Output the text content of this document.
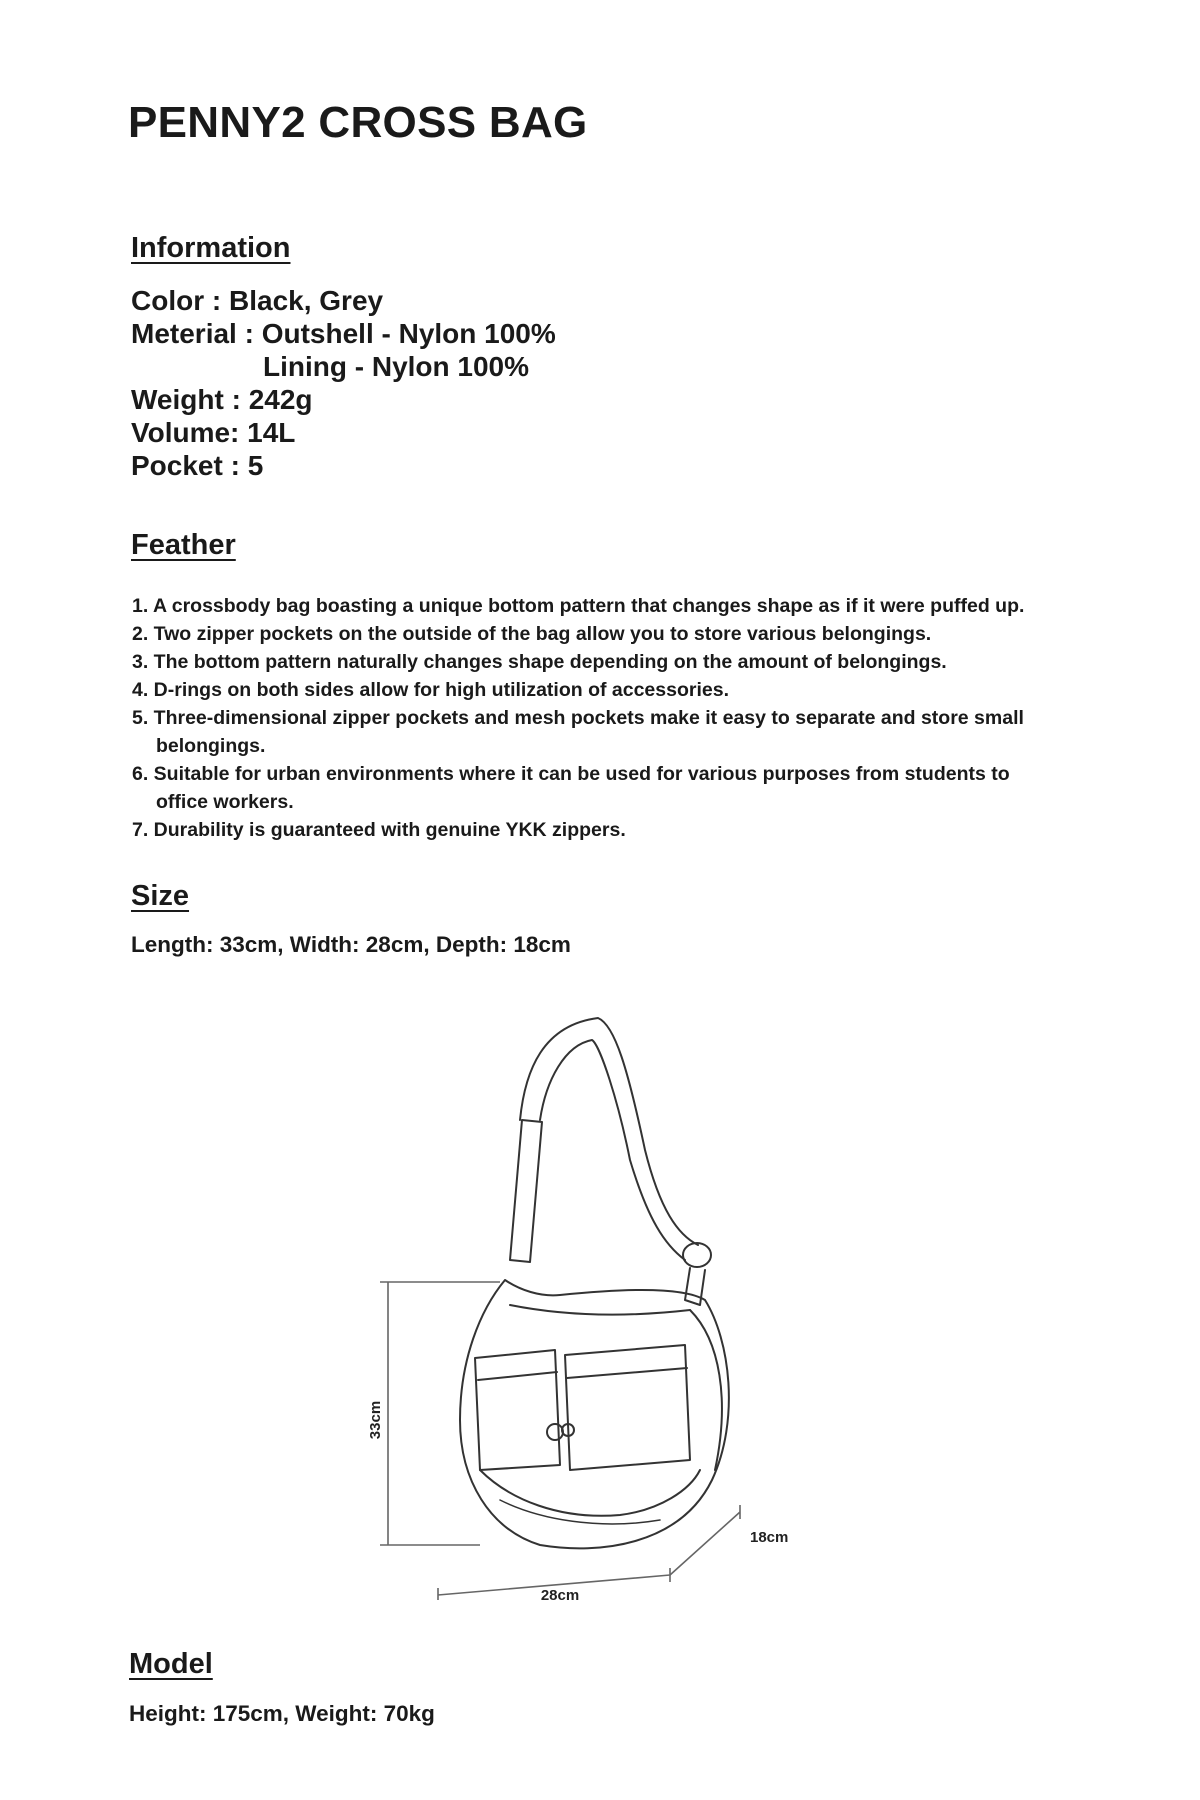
PENNY2 CROSS BAG
Information
Color : Black, Grey
Meterial : Outshell - Nylon 100%
Lining - Nylon 100%
Weight : 242g
Volume: 14L
Pocket : 5
Feather
1. A crossbody bag boasting a unique bottom pattern that changes shape as if it were puffed up.
2. Two zipper pockets on the outside of the bag allow you to store various belongings.
3. The bottom pattern naturally changes shape depending on the amount of belongings.
4. D-rings on both sides allow for high utilization of accessories.
5. Three-dimensional zipper pockets and mesh pockets make it easy to separate and store small belongings.
6. Suitable for urban environments where it can be used for various purposes from students to office workers.
7. Durability is guaranteed with genuine YKK zippers.
Size
Length: 33cm, Width: 28cm, Depth: 18cm
33cm
28cm
18cm
Model
Height: 175cm, Weight: 70kg
